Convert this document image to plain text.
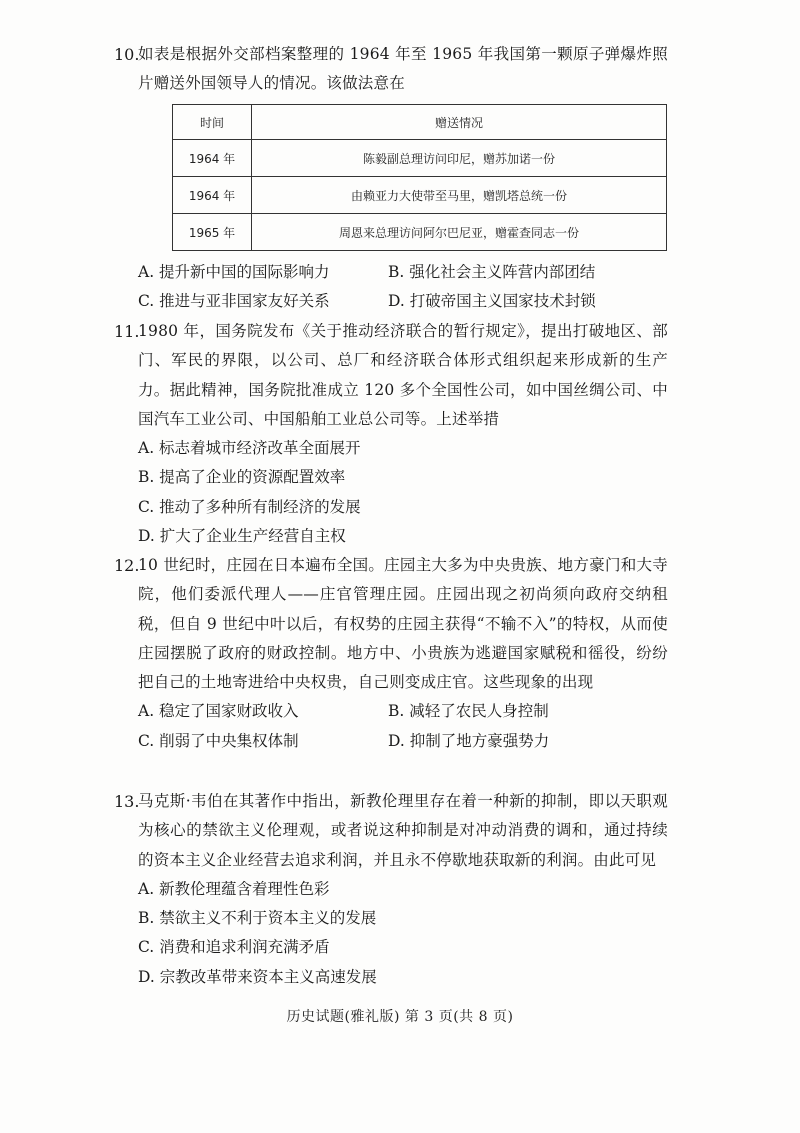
10.
如表是根据外交部档案整理的 1964 年至 1965 年我国第一颗原子弹爆炸照片赠送外国领导人的情况。该做法意在
时间	赠送情况
1964 年	陈毅副总理访问印尼，赠苏加诺一份
1964 年	由赖亚力大使带至马里，赠凯塔总统一份
1965 年	周恩来总理访问阿尔巴尼亚，赠霍查同志一份
A. 提升新中国的国际影响力	B. 强化社会主义阵营内部团结
C. 推进与亚非国家友好关系	D. 打破帝国主义国家技术封锁
11.
1980 年，国务院发布《关于推动经济联合的暂行规定》，提出打破地区、部门、军民的界限，以公司、总厂和经济联合体形式组织起来形成新的生产力。据此精神，国务院批准成立 120 多个全国性公司，如中国丝绸公司、中国汽车工业公司、中国船舶工业总公司等。上述举措
A. 标志着城市经济改革全面展开
B. 提高了企业的资源配置效率
C. 推动了多种所有制经济的发展
D. 扩大了企业生产经营自主权
12.
10 世纪时，庄园在日本遍布全国。庄园主大多为中央贵族、地方豪门和大寺院，他们委派代理人——庄官管理庄园。庄园出现之初尚须向政府交纳租税，但自 9 世纪中叶以后，有权势的庄园主获得“不输不入”的特权，从而使庄园摆脱了政府的财政控制。地方中、小贵族为逃避国家赋税和徭役，纷纷把自己的土地寄进给中央权贵，自己则变成庄官。这些现象的出现
A. 稳定了国家财政收入	B. 减轻了农民人身控制
C. 削弱了中央集权体制	D. 抑制了地方豪强势力
13.
马克斯·韦伯在其著作中指出，新教伦理里存在着一种新的抑制，即以天职观为核心的禁欲主义伦理观，或者说这种抑制是对冲动消费的调和，通过持续的资本主义企业经营去追求利润，并且永不停歇地获取新的利润。由此可见
A. 新教伦理蕴含着理性色彩
B. 禁欲主义不利于资本主义的发展
C. 消费和追求利润充满矛盾
D. 宗教改革带来资本主义高速发展
历史试题(雅礼版) 第 3 页(共 8 页)
